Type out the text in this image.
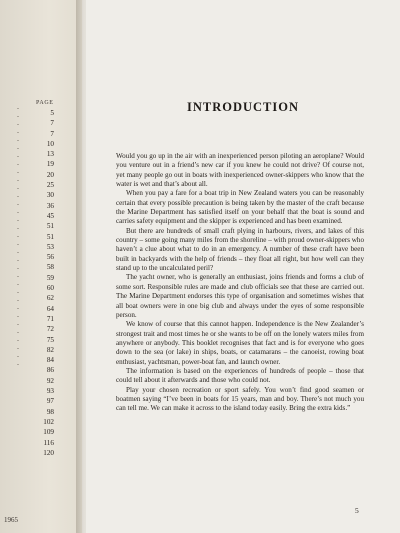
PAGE
.
.
.
.
.
.
.
.
.
.
.
.
.
.
.
.
.
.
.
.
.
.
.
.
.
.
.
.
.
.
.
.
.
5
7
7
10
13
19
20
25
30
36
45
51
51
53
56
58
59
60
62
64
71
72
75
82
84
86
92
93
97
98
102
109
116
120
1965
INTRODUCTION

Would you go up in the air with an inexperienced person piloting an aeroplane? Would you venture out in a friend’s new car if you knew he could not drive? Of course not, yet many people go out in boats with inexperienced owner-skippers who know that the water is wet and that’s about all.

When you pay a fare for a boat trip in New Zealand waters you can be reasonably certain that every possible precaution is being taken by the master of the craft because the Marine Department has satisfied itself on your behalf that the boat is sound and carries safety equipment and the skipper is experienced and has been examined.

But there are hundreds of small craft plying in harbours, rivers, and lakes of this country – some going many miles from the shoreline – with proud owner-skippers who haven’t a clue about what to do in an emergency. A number of these craft have been built in backyards with the help of friends – they float all right, but how well can they stand up to the uncalculated peril?

The yacht owner, who is generally an enthusiast, joins friends and forms a club of some sort. Responsible rules are made and club officials see that these are carried out. The Marine Department endorses this type of organisation and sometimes wishes that all boat owners were in one big club and always under the eyes of some responsible person.

We know of course that this cannot happen. Independence is the New Zealander’s strongest trait and most times he or she wants to be off on the lonely waters miles from anywhere or anybody. This booklet recognises that fact and is for everyone who goes down to the sea (or lake) in ships, boats, or catamarans – the canoeist, rowing boat enthusiast, yachtsman, power-boat fan, and launch owner.

The information is based on the experiences of hundreds of people – those that could tell about it afterwards and those who could not.

Play your chosen recreation or sport safely. You won’t find good seamen or boatmen saying “I’ve been in boats for 15 years, man and boy. There’s not much you can tell me. We can make it across to the island today easily. Bring the extra kids.”

5
